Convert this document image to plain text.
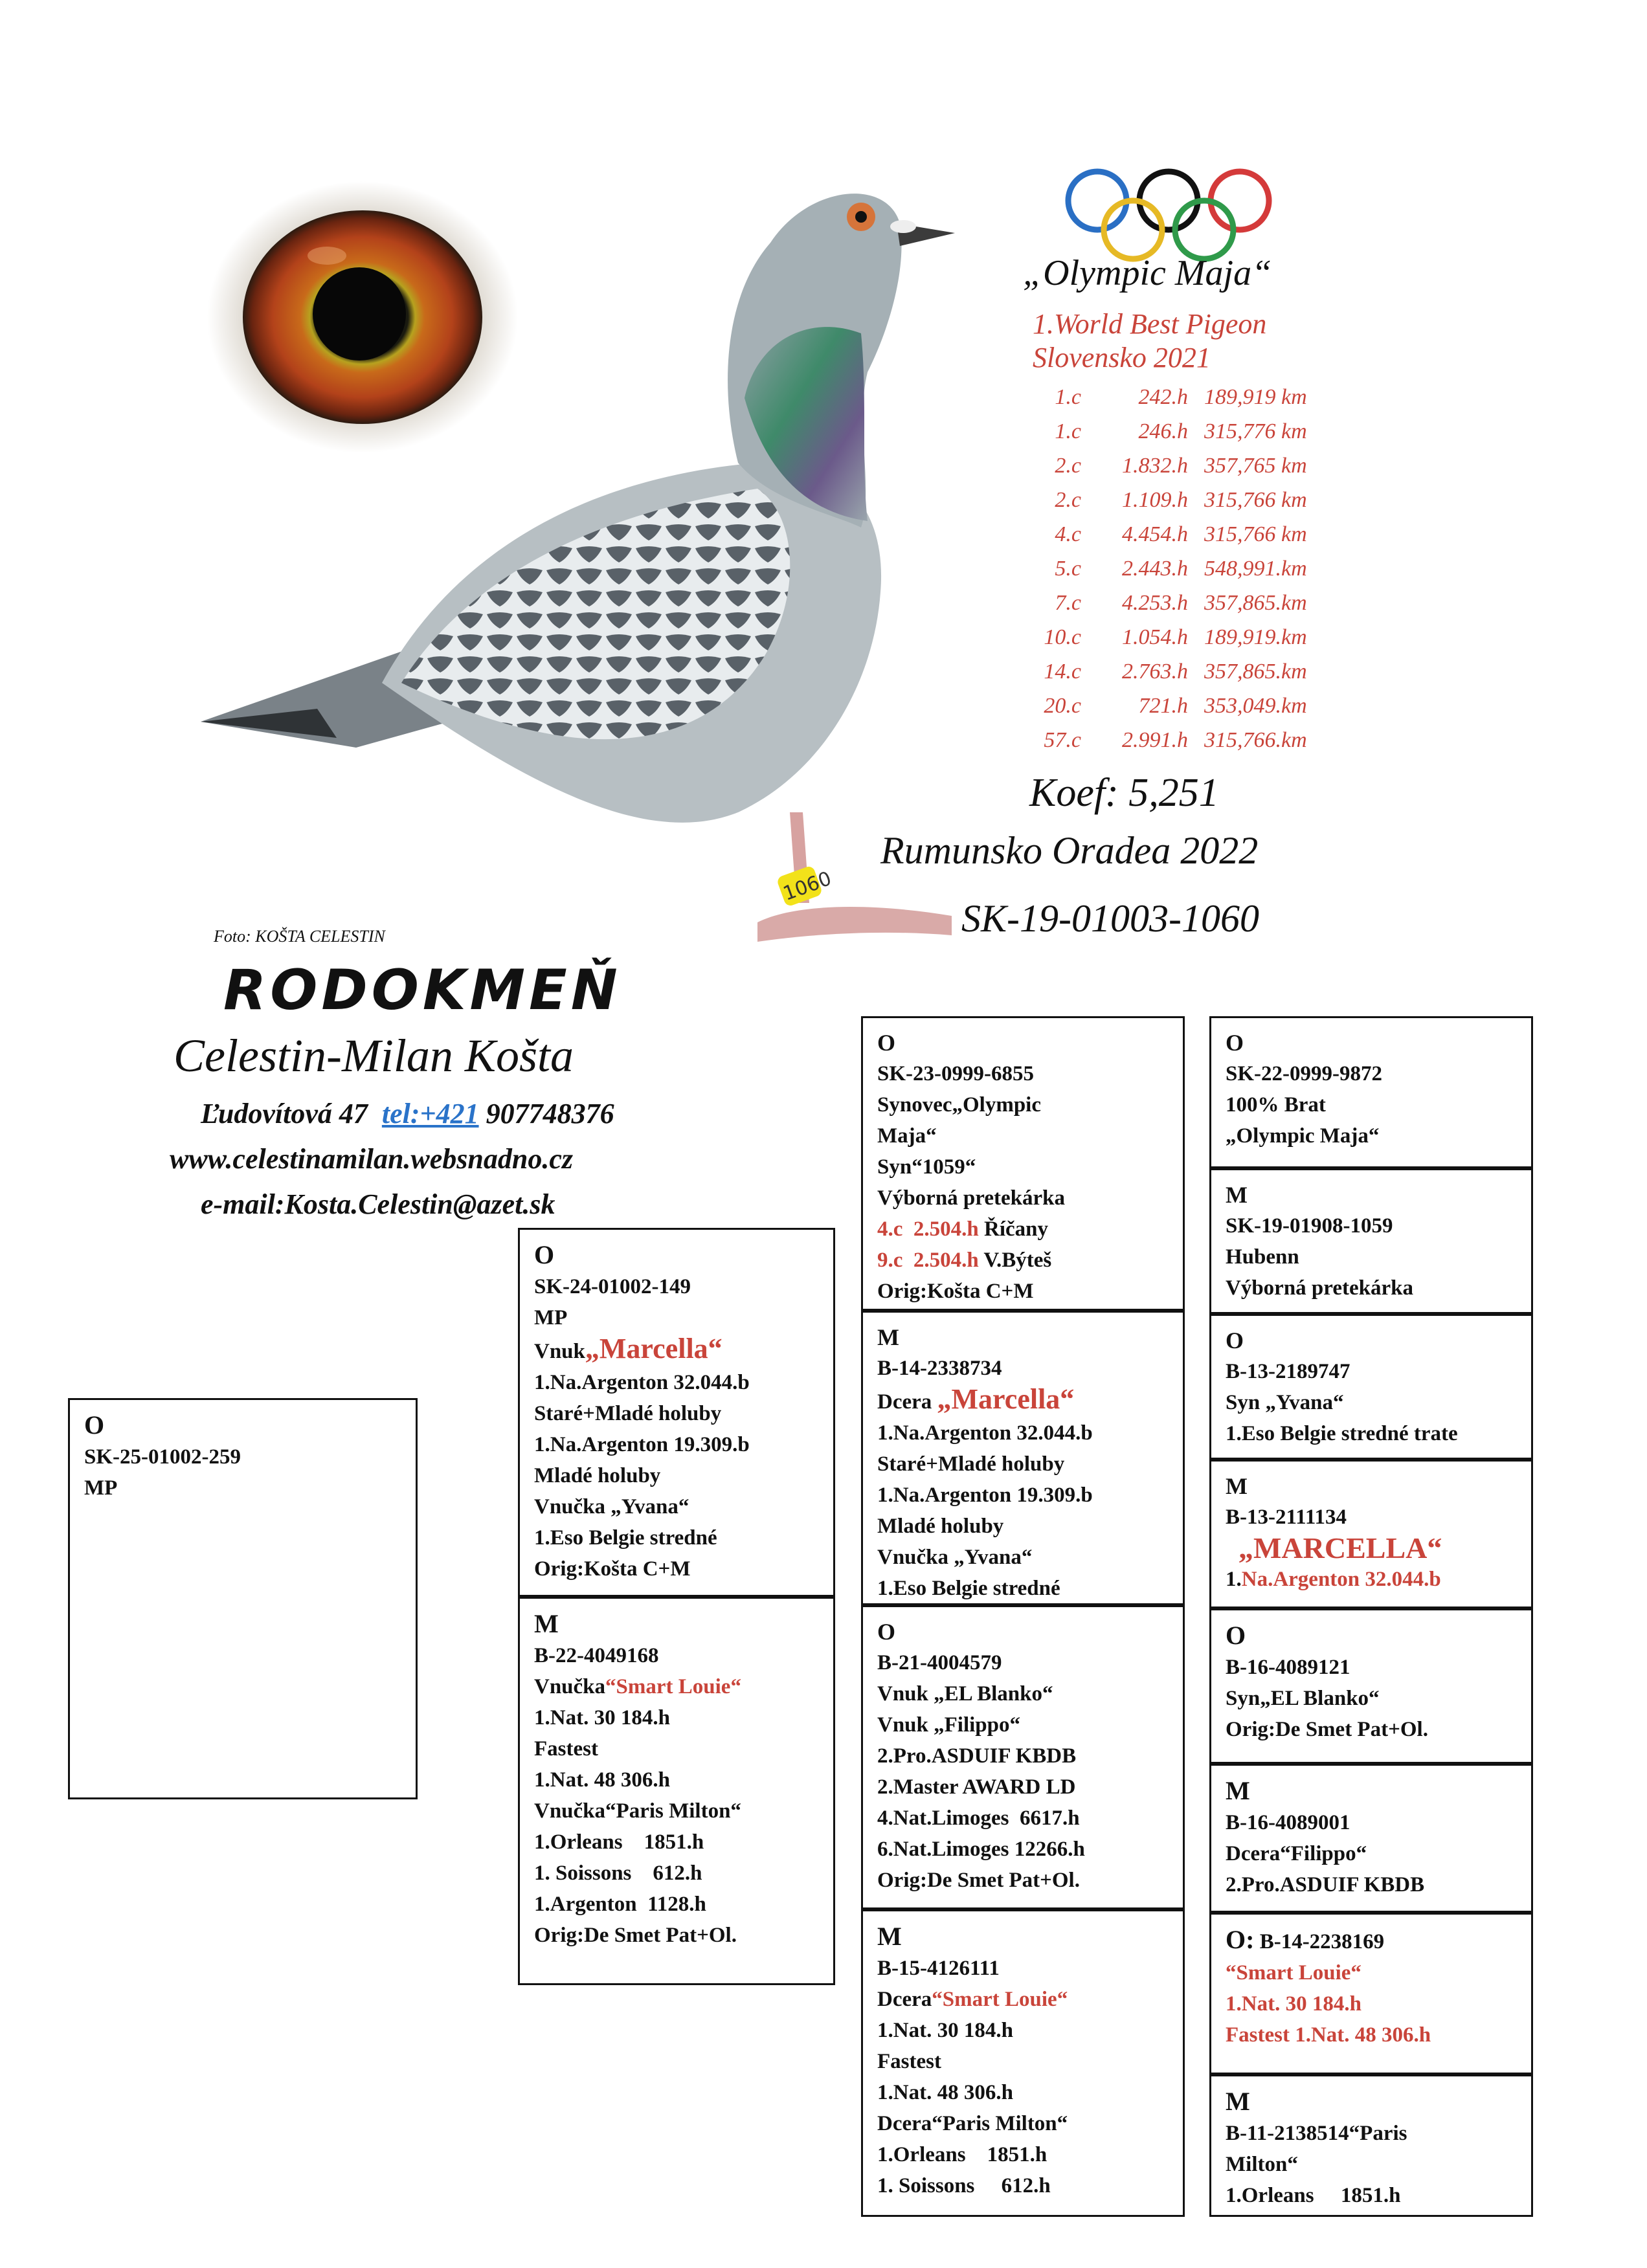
1060
„Olympic Maja“
1.World Best Pigeon
Slovensko 2021
1.c	242.h 189,919 km
1.c	246.h 315,776 km
2.c	1.832.h 357,765 km
2.c	1.109.h 315,766 km
4.c	4.454.h 315,766 km
5.c	2.443.h 548,991.km
7.c	4.253.h 357,865.km
10.c	1.054.h 189,919.km
14.c	2.763.h 357,865.km
20.c	721.h 353,049.km
57.c	2.991.h 315,766.km
Koef: 5,251
Rumunsko Oradea 2022
SK-19-01003-1060
Foto: KOŠTA CELESTIN
RODOKMEŇ
Celestin-Milan Košta
Ľudovítová 47 tel:+421 907748376
www.celestinamilan.websnadno.cz
e-mail:Kosta.Celestin@azet.sk
O
SK-25-01002-259
MP
O
SK-24-01002-149
MP
Vnuk„Marcella“
1.Na.Argenton 32.044.b
Staré+Mladé holuby
1.Na.Argenton 19.309.b
Mladé holuby
Vnučka „Yvana“
1.Eso Belgie stredné
Orig:Košta C+M
M
B-22-4049168
Vnučka“Smart Louie“
1.Nat. 30 184.h
Fastest
1.Nat. 48 306.h
Vnučka“Paris Milton“
1.Orleans    1851.h
1. Soissons    612.h
1.Argenton  1128.h
Orig:De Smet Pat+Ol.
O
SK-23-0999-6855
Synovec„Olympic
Maja“
Syn“1059“
Výborná pretekárka
4.c  2.504.h Říčany
9.c  2.504.h V.Býteš
Orig:Košta C+M
M
B-14-2338734
Dcera „Marcella“
1.Na.Argenton 32.044.b
Staré+Mladé holuby
1.Na.Argenton 19.309.b
Mladé holuby
Vnučka „Yvana“
1.Eso Belgie stredné
O
B-21-4004579
Vnuk „EL Blanko“
Vnuk „Filippo“
2.Pro.ASDUIF KBDB
2.Master AWARD LD
4.Nat.Limoges  6617.h
6.Nat.Limoges 12266.h
Orig:De Smet Pat+Ol.
M
B-15-4126111
Dcera“Smart Louie“
1.Nat. 30 184.h
Fastest
1.Nat. 48 306.h
Dcera“Paris Milton“
1.Orleans    1851.h
1. Soissons     612.h
O
SK-22-0999-9872
100% Brat
„Olympic Maja“
M
SK-19-01908-1059
Hubenn
Výborná pretekárka
O
B-13-2189747
Syn „Yvana“
1.Eso Belgie stredné trate
M
B-13-2111134
„MARCELLA“
1.Na.Argenton 32.044.b
O
B-16-4089121
Syn„EL Blanko“
Orig:De Smet Pat+Ol.
M
B-16-4089001
Dcera“Filippo“
2.Pro.ASDUIF KBDB
O: B-14-2238169
“Smart Louie“
1.Nat. 30 184.h
Fastest 1.Nat. 48 306.h
M
B-11-2138514“Paris
Milton“
1.Orleans     1851.h
